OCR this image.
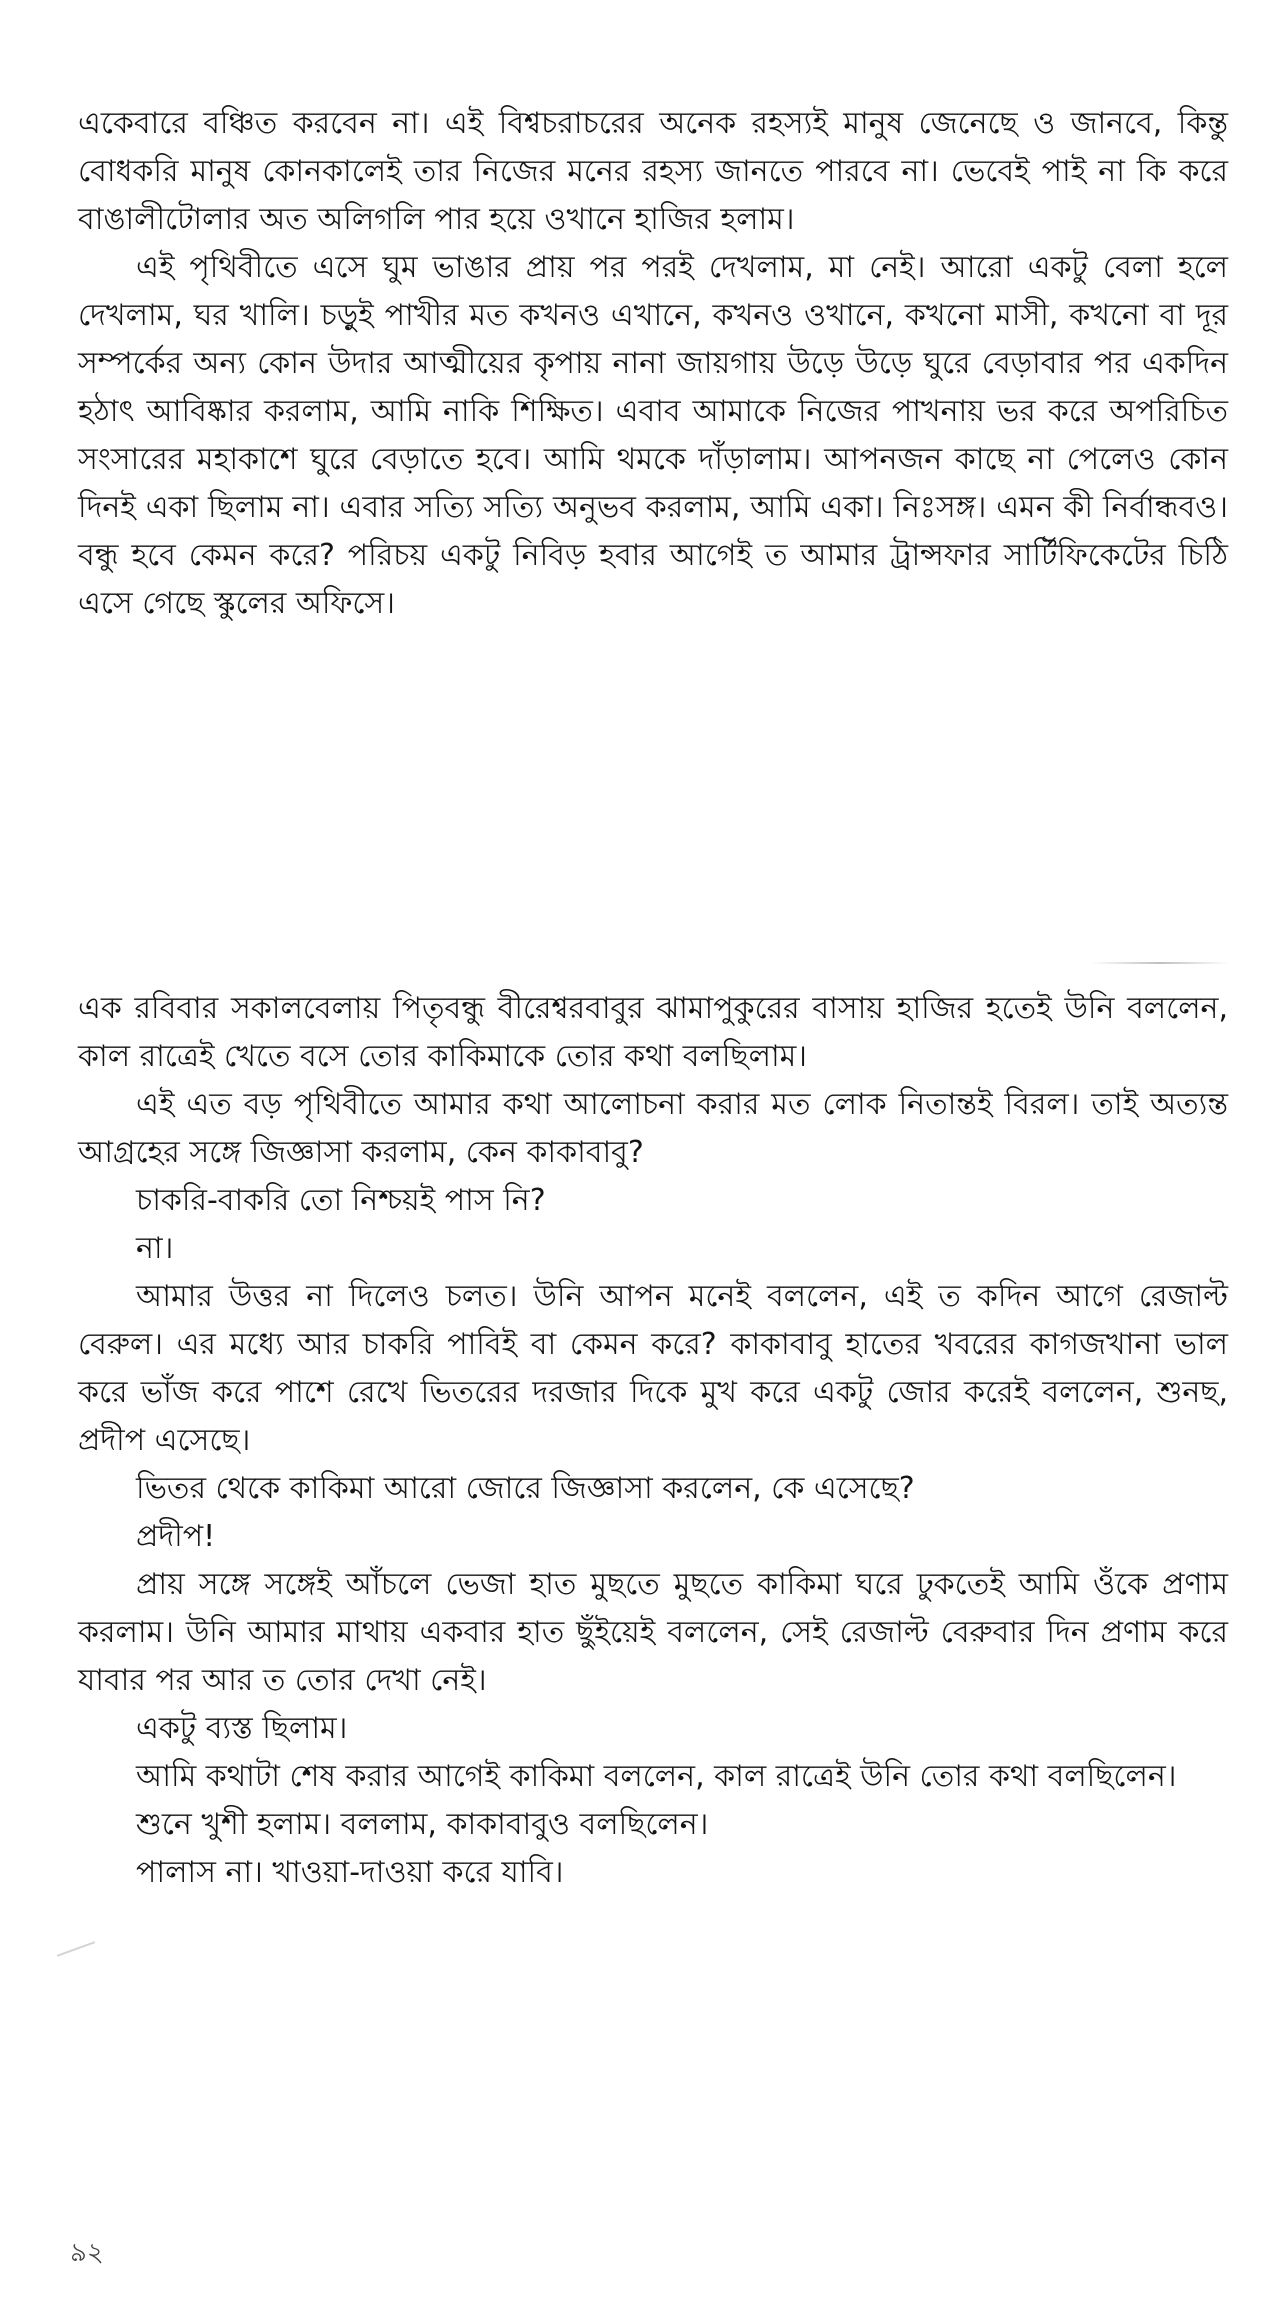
একেবারে বঞ্চিত করবেন না। এই বিশ্বচরাচরের অনেক রহস্যই মানুষ জেনেছে ও জানবে, কিন্তু বোধকরি মানুষ কোনকালেই তার নিজের মনের রহস্য জানতে পারবে না। ভেবেই পাই না কি করে বাঙালীটোলার অত অলিগলি পার হয়ে ওখানে হাজির হলাম।

এই পৃথিবীতে এসে ঘুম ভাঙার প্রায় পর পরই দেখলাম, মা নেই। আরো একটু বেলা হলে দেখলাম, ঘর খালি। চড়ুই পাখীর মত কখনও এখানে, কখনও ওখানে, কখনো মাসী, কখনো বা দূর সম্পর্কের অন্য কোন উদার আত্মীয়ের কৃপায় নানা জায়গায় উড়ে উড়ে ঘুরে বেড়াবার পর একদিন হঠাৎ আবিষ্কার করলাম, আমি নাকি শিক্ষিত। এবাব আমাকে নিজের পাখনায় ভর করে অপরিচিত সংসারের মহাকাশে ঘুরে বেড়াতে হবে। আমি থমকে দাঁড়ালাম। আপনজন কাছে না পেলেও কোন দিনই একা ছিলাম না। এবার সত্যি সত্যি অনুভব করলাম, আমি একা। নিঃসঙ্গ। এমন কী নির্বান্ধবও। বন্ধু হবে কেমন করে? পরিচয় একটু নিবিড় হবার আগেই ত আমার ট্রান্সফার সার্টিফিকেটের চিঠি এসে গেছে স্কুলের অফিসে।

এক রবিবার সকালবেলায় পিতৃবন্ধু বীরেশ্বরবাবুর ঝামাপুকুরের বাসায় হাজির হতেই উনি বললেন, কাল রাত্রেই খেতে বসে তোর কাকিমাকে তোর কথা বলছিলাম।

এই এত বড় পৃথিবীতে আমার কথা আলোচনা করার মত লোক নিতান্তই বিরল। তাই অত্যন্ত আগ্রহের সঙ্গে জিজ্ঞাসা করলাম, কেন কাকাবাবু?

চাকরি-বাকরি তো নিশ্চয়ই পাস নি?

না।

আমার উত্তর না দিলেও চলত। উনি আপন মনেই বললেন, এই ত কদিন আগে রেজাল্ট বেরুল। এর মধ্যে আর চাকরি পাবিই বা কেমন করে? কাকাবাবু হাতের খবরের কাগজখানা ভাল করে ভাঁজ করে পাশে রেখে ভিতরের দরজার দিকে মুখ করে একটু জোর করেই বললেন, শুনছ, প্রদীপ এসেছে।

ভিতর থেকে কাকিমা আরো জোরে জিজ্ঞাসা করলেন, কে এসেছে?

প্রদীপ!

প্রায় সঙ্গে সঙ্গেই আঁচলে ভেজা হাত মুছতে মুছতে কাকিমা ঘরে ঢুকতেই আমি ওঁকে প্রণাম করলাম। উনি আমার মাথায় একবার হাত ছুঁইয়েই বললেন, সেই রেজাল্ট বেরুবার দিন প্রণাম করে যাবার পর আর ত তোর দেখা নেই।

একটু ব্যস্ত ছিলাম।

আমি কথাটা শেষ করার আগেই কাকিমা বললেন, কাল রাত্রেই উনি তোর কথা বলছিলেন।

শুনে খুশী হলাম। বললাম, কাকাবাবুও বলছিলেন।

পালাস না। খাওয়া-দাওয়া করে যাবি।

৯২
